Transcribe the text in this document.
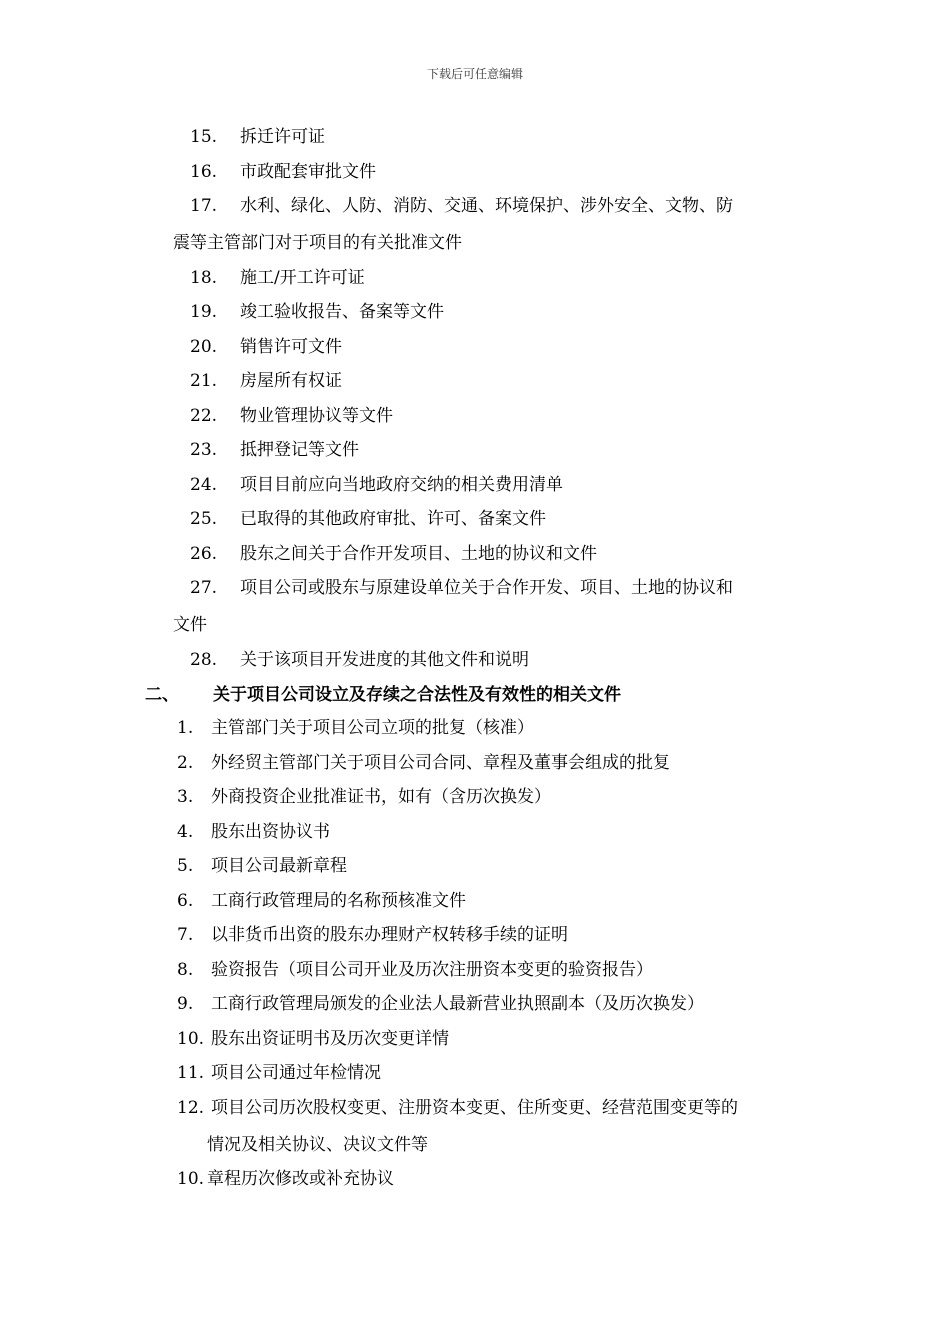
下载后可任意编辑
15. 拆迁许可证
16. 市政配套审批文件
17. 水利、绿化、人防、消防、交通、环境保护、涉外安全、文物、防
震等主管部门对于项目的有关批准文件
18. 施工/开工许可证
19. 竣工验收报告、备案等文件
20. 销售许可文件
21. 房屋所有权证
22. 物业管理协议等文件
23. 抵押登记等文件
24. 项目目前应向当地政府交纳的相关费用清单
25. 已取得的其他政府审批、许可、备案文件
26. 股东之间关于合作开发项目、土地的协议和文件
27. 项目公司或股东与原建设单位关于合作开发、项目、土地的协议和
文件
28. 关于该项目开发进度的其他文件和说明
二、 关于项目公司设立及存续之合法性及有效性的相关文件
1. 主管部门关于项目公司立项的批复（核准）
2. 外经贸主管部门关于项目公司合同、章程及董事会组成的批复
3. 外商投资企业批准证书，如有（含历次换发）
4. 股东出资协议书
5. 项目公司最新章程
6. 工商行政管理局的名称预核准文件
7. 以非货币出资的股东办理财产权转移手续的证明
8. 验资报告（项目公司开业及历次注册资本变更的验资报告）
9. 工商行政管理局颁发的企业法人最新营业执照副本（及历次换发）
10. 股东出资证明书及历次变更详情
11. 项目公司通过年检情况
12. 项目公司历次股权变更、注册资本变更、住所变更、经营范围变更等的
情况及相关协议、决议文件等
10. 章程历次修改或补充协议
